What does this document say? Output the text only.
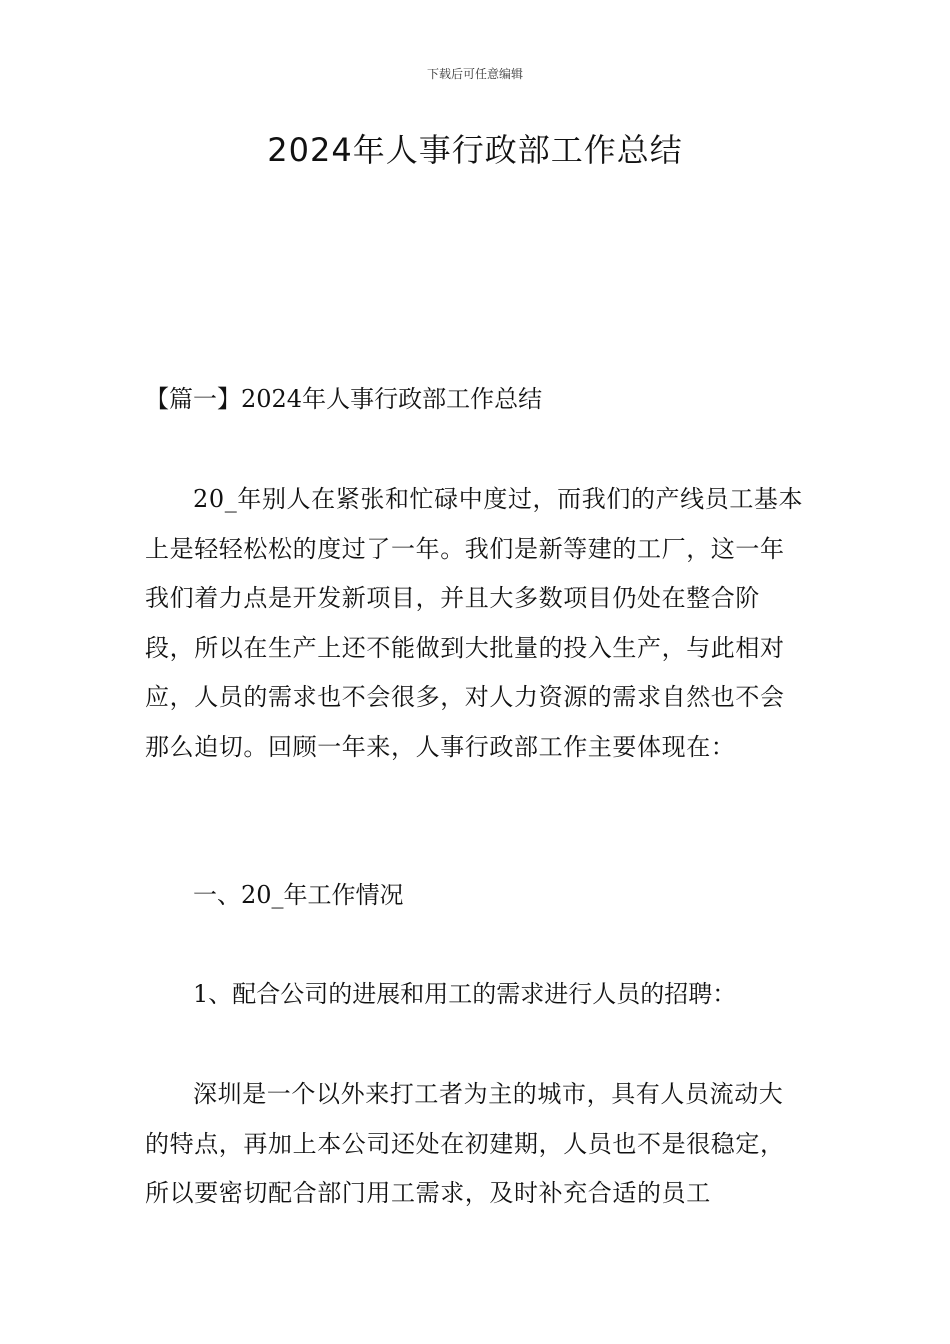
下载后可任意编辑
2024年人事行政部工作总结

【篇一】2024年人事行政部工作总结

20_年别人在紧张和忙碌中度过，而我们的产线员工基本上是轻轻松松的度过了一年。我们是新等建的工厂，这一年我们着力点是开发新项目，并且大多数项目仍处在整合阶段，所以在生产上还不能做到大批量的投入生产，与此相对应，人员的需求也不会很多，对人力资源的需求自然也不会那么迫切。回顾一年来，人事行政部工作主要体现在：

一、20_年工作情况

1、配合公司的进展和用工的需求进行人员的招聘：

深圳是一个以外来打工者为主的城市，具有人员流动大的特点，再加上本公司还处在初建期，人员也不是很稳定，所以要密切配合部门用工需求，及时补充合适的员工
